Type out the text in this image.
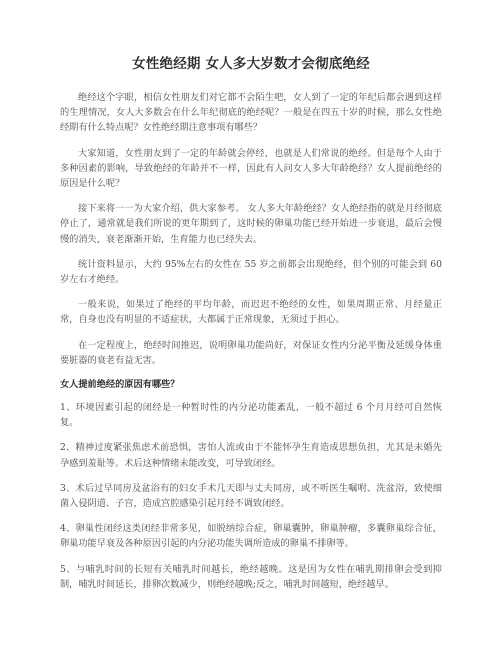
女性绝经期 女人多大岁数才会彻底绝经

绝经这个字眼，相信女性朋友们对它都不会陌生吧，女人到了一定的年纪后都会遇到这样的生理情况，女人大多数会在什么年纪彻底的绝经呢？一般是在四五十岁的时候，那么女性绝经期有什么特点呢？女性绝经期注意事项有哪些？

大家知道，女性朋友到了一定的年龄就会停经，也就是人们常说的绝经。但是每个人由于多种因素的影响，导致绝经的年龄并不一样，因此有人问女人多大年龄绝经？女人提前绝经的原因是什么呢？

接下来将一一为大家介绍，供大家参考。 女人多大年龄绝经？女人绝经指的就是月经彻底停止了，通常就是我们所说的更年期到了，这时候的卵巢功能已经开始进一步衰退，最后会慢慢的消失，衰老渐渐开始，生育能力也已经失去。

统计资料显示，大约 95%左右的女性在 55 岁之前都会出现绝经，但个别的可能会到 60 岁左右才绝经。

一般来说，如果过了绝经的平均年龄，而迟迟不绝经的女性，如果周期正常、月经量正常，自身也没有明显的不适症状，大都属于正常现象，无须过于担心。

在一定程度上，绝经时间推迟，说明卵巢功能尚好，对保证女性内分泌平衡及延缓身体重要脏器的衰老有益无害。

女人提前绝经的原因有哪些？

1、环境因素引起的闭经是一种暂时性的内分泌功能紊乱，一般不超过 6 个月月经可自然恢复。

2、精神过度紧张焦虑术前恐惧，害怕人流或由于不能怀孕生育造成思想负担，尤其是未婚先孕感到羞耻等。术后这种情绪未能改变，可导致闭经。

3、术后过早同房及盆浴有的妇女手术几天即与丈夫同房，或不听医生嘱咐、洗盆浴，致使细菌入侵阴道、子宫，造成宫腔感染引起月经不调致闭经。

4、卵巢性闭经这类闭经非常多见，如脱纳综合症，卵巢囊肿，卵巢肿瘤，多囊卵巢综合征，卵巢功能早衰及各种原因引起的内分泌功能失调所造成的卵巢不排卵等。

5、与哺乳时间的长短有关哺乳时间越长，绝经越晚。这是因为女性在哺乳期排卵会受到抑制，哺乳时间延长，排卵次数减少，则绝经越晚;反之，哺乳时间越短，绝经越早。
